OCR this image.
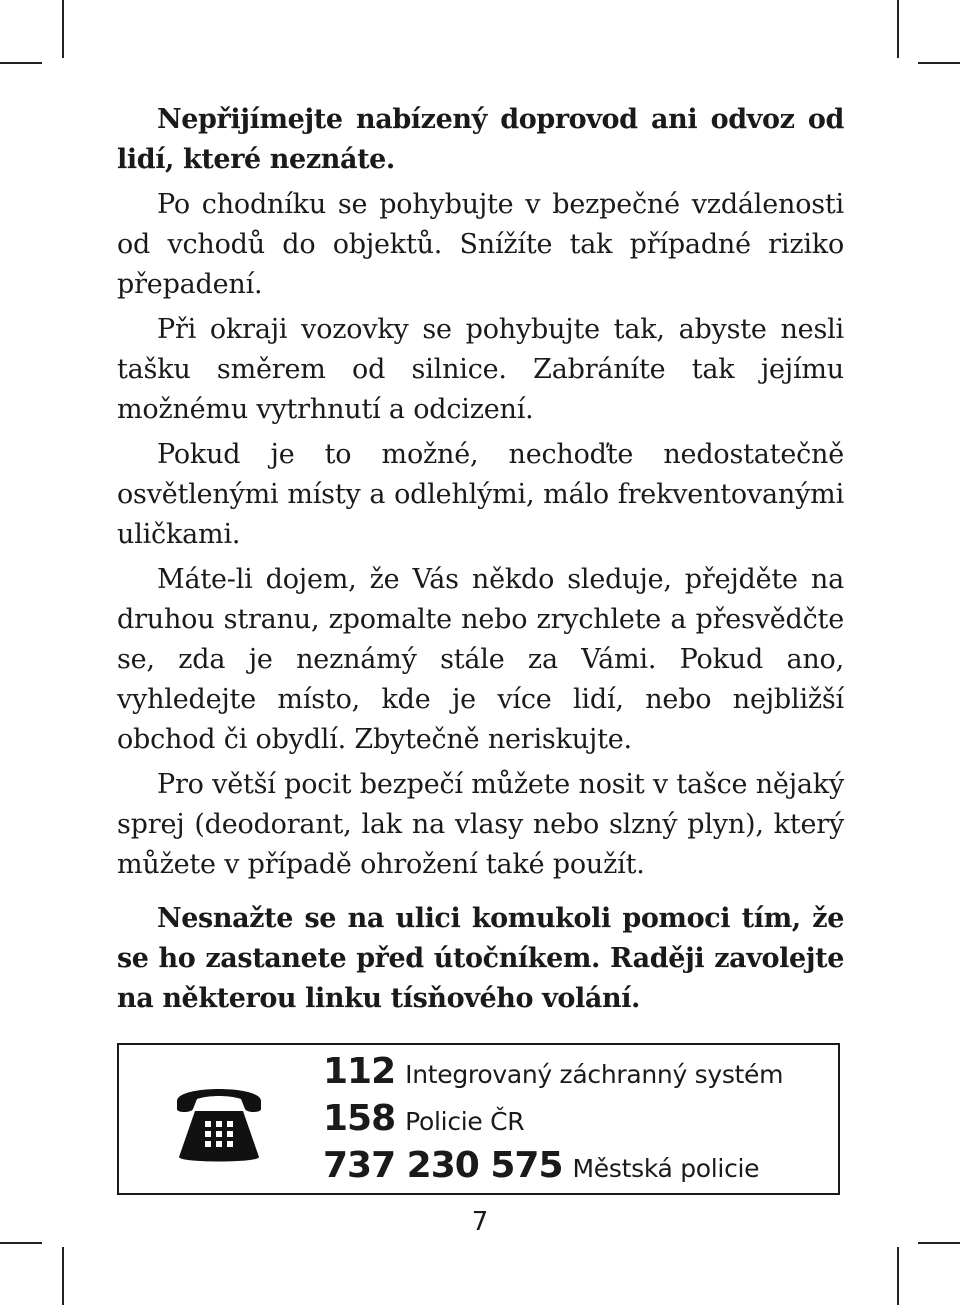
Nepřijímejte nabízený doprovod ani odvoz od lidí, které neznáte.

Po chodníku se pohybujte v bezpečné vzdálenosti od vchodů do objektů. Snížíte tak případné riziko přepadení.

Při okraji vozovky se pohybujte tak, abyste nesli tašku směrem od silnice. Zabráníte tak jejímu možnému vytrhnutí a odcizení.

Pokud je to možné, nechoďte nedostatečně osvětlenými místy a odlehlými, málo frekventovanými uličkami.

Máte-li dojem, že Vás někdo sleduje, přejděte na druhou stranu, zpomalte nebo zrychlete a přesvědčte se, zda je neznámý stále za Vámi. Pokud ano, vyhledejte místo, kde je více lidí, nebo nejbližší obchod či obydlí. Zbytečně neriskujte.

Pro větší pocit bezpečí můžete nosit v tašce nějaký sprej (deodorant, lak na vlasy nebo slzný plyn), který můžete v případě ohrožení také použít.

Nesnažte se na ulici komukoli pomoci tím, že se ho zastanete před útočníkem. Raději zavolejte na některou linku tísňového volání.

112 Integrovaný záchranný systém
158 Policie ČR
737 230 575 Městská policie
7
